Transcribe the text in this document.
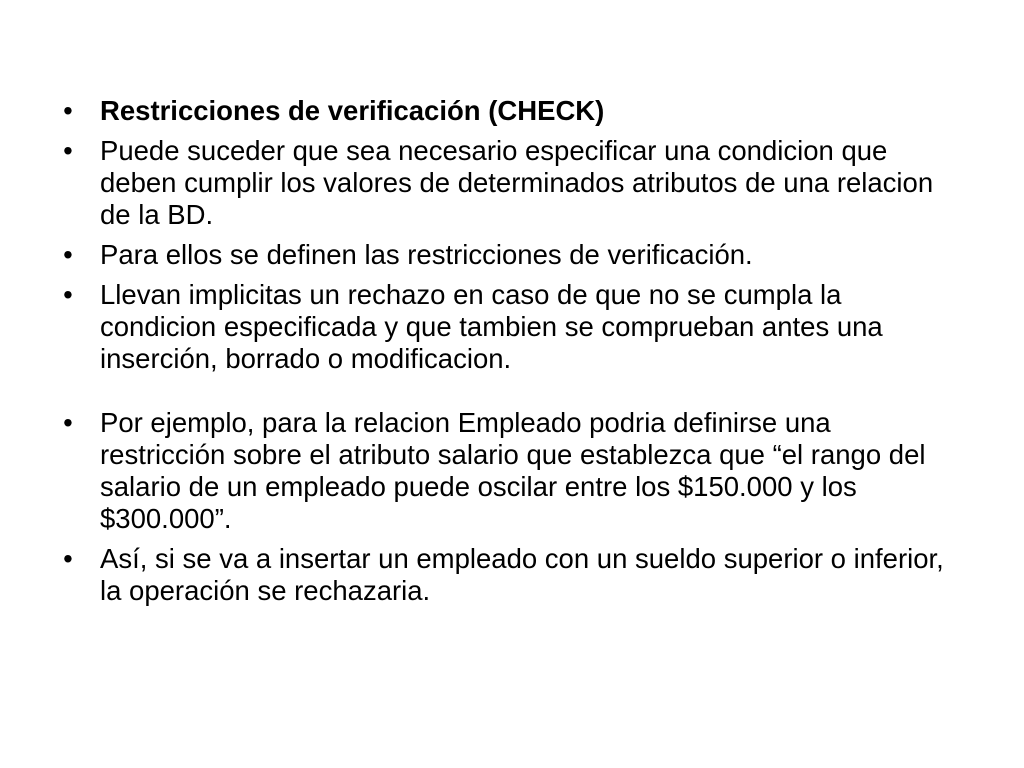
• Restricciones de verificación (CHECK)
• Puede suceder que sea necesario especificar una condicion que deben cumplir los valores de determinados atributos de una relacion de la BD.
• Para ellos se definen las restricciones de verificación.
• Llevan implicitas un rechazo en caso de que no se cumpla la condicion especificada y que tambien se comprueban antes una inserción, borrado o modificacion.
• Por ejemplo, para la relacion Empleado podria definirse una restricción sobre el atributo salario que establezca que “el rango del salario de un empleado puede oscilar entre los $150.000 y los $300.000”.
• Así, si se va a insertar un empleado con un sueldo superior o inferior, la operación se rechazaria.
